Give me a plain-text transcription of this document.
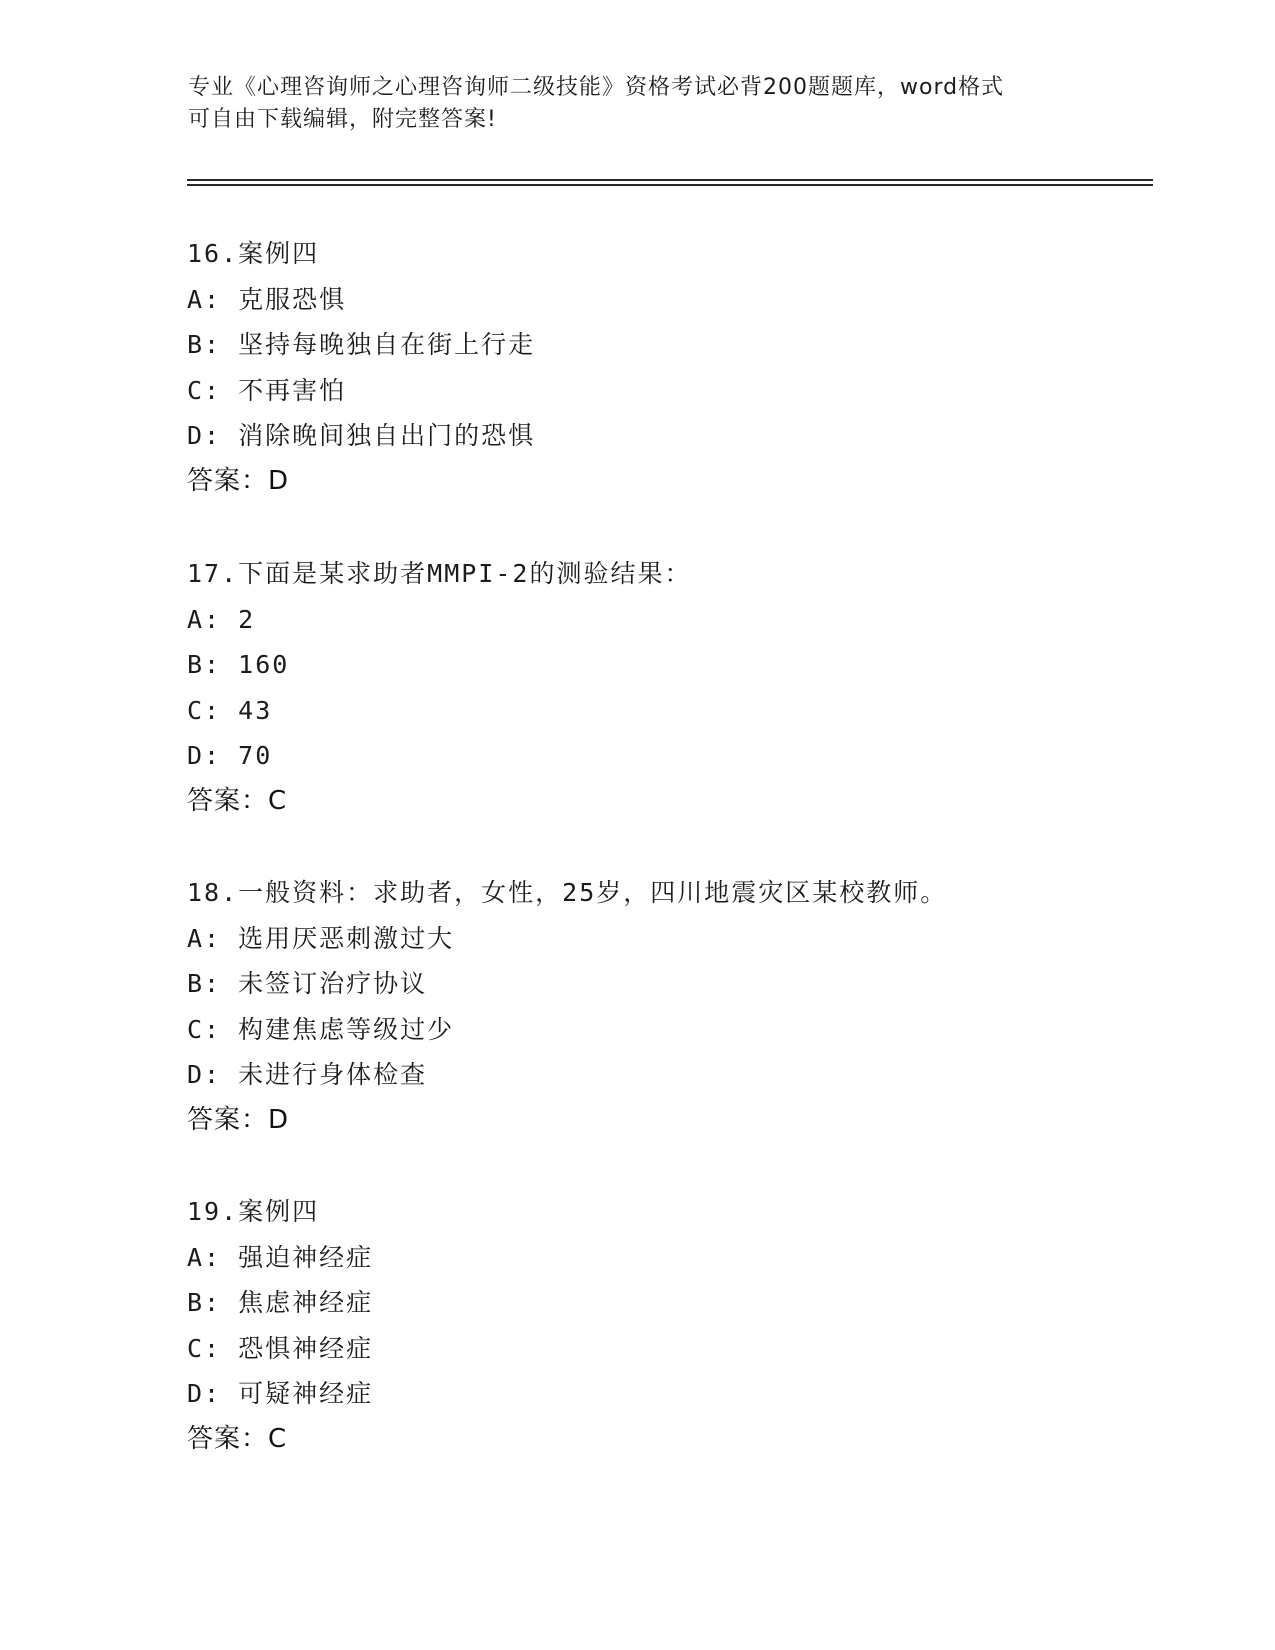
专业《心理咨询师之心理咨询师二级技能》资格考试必背200题题库，word格式
可自由下载编辑，附完整答案!
16.案例四
A: 克服恐惧
B: 坚持每晚独自在街上行走
C: 不再害怕
D: 消除晚间独自出门的恐惧
答案：D
17.下面是某求助者MMPI-2的测验结果：
A: 2
B: 160
C: 43
D: 70
答案：C
18.一般资料：求助者，女性，25岁，四川地震灾区某校教师。
A: 选用厌恶刺激过大
B: 未签订治疗协议
C: 构建焦虑等级过少
D: 未进行身体检查
答案：D
19.案例四
A: 强迫神经症
B: 焦虑神经症
C: 恐惧神经症
D: 可疑神经症
答案：C
